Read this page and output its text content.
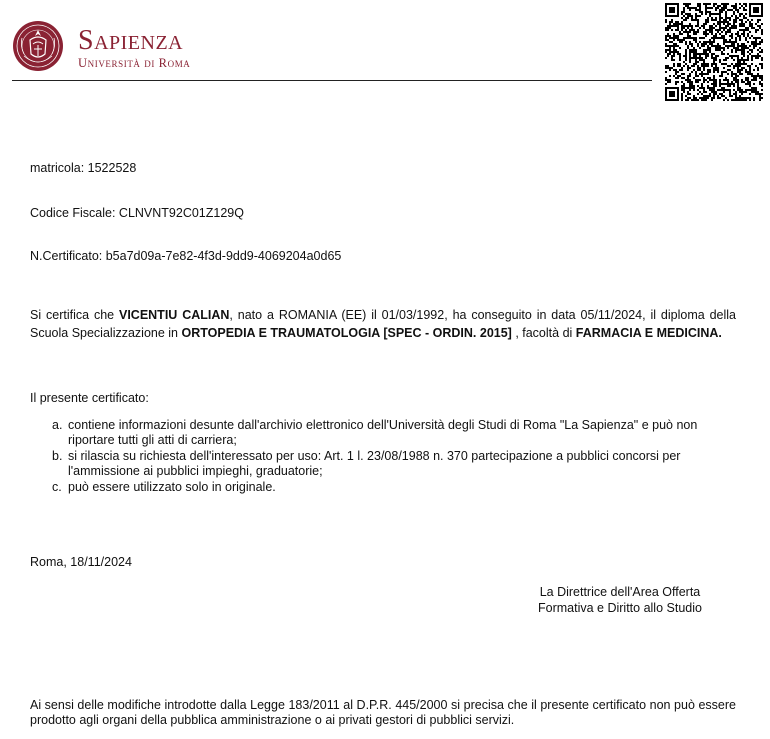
Sapienza
Università di Roma
matricola: 1522528
Codice Fiscale: CLNVNT92C01Z129Q
N.Certificato: b5a7d09a-7e82-4f3d-9dd9-4069204a0d65
Si certifica che VICENTIU CALIAN, nato a ROMANIA (EE) il 01/03/1992, ha conseguito in data 05/11/2024, il diploma della Scuola Specializzazione in ORTOPEDIA E TRAUMATOLOGIA [SPEC - ORDIN. 2015] , facoltà di FARMACIA E MEDICINA.
Il presente certificato:
a. contiene informazioni desunte dall'archivio elettronico dell'Università degli Studi di Roma "La Sapienza" e può non riportare tutti gli atti di carriera;
b. si rilascia su richiesta dell'interessato per uso: Art. 1 l. 23/08/1988 n. 370 partecipazione a pubblici concorsi per l'ammissione ai pubblici impieghi, graduatorie;
c. può essere utilizzato solo in originale.
Roma, 18/11/2024
La Direttrice dell'Area Offerta
Formativa e Diritto allo Studio
Ai sensi delle modifiche introdotte dalla Legge 183/2011 al D.P.R. 445/2000 si precisa che il presente certificato non può essere prodotto agli organi della pubblica amministrazione o ai privati gestori di pubblici servizi.
